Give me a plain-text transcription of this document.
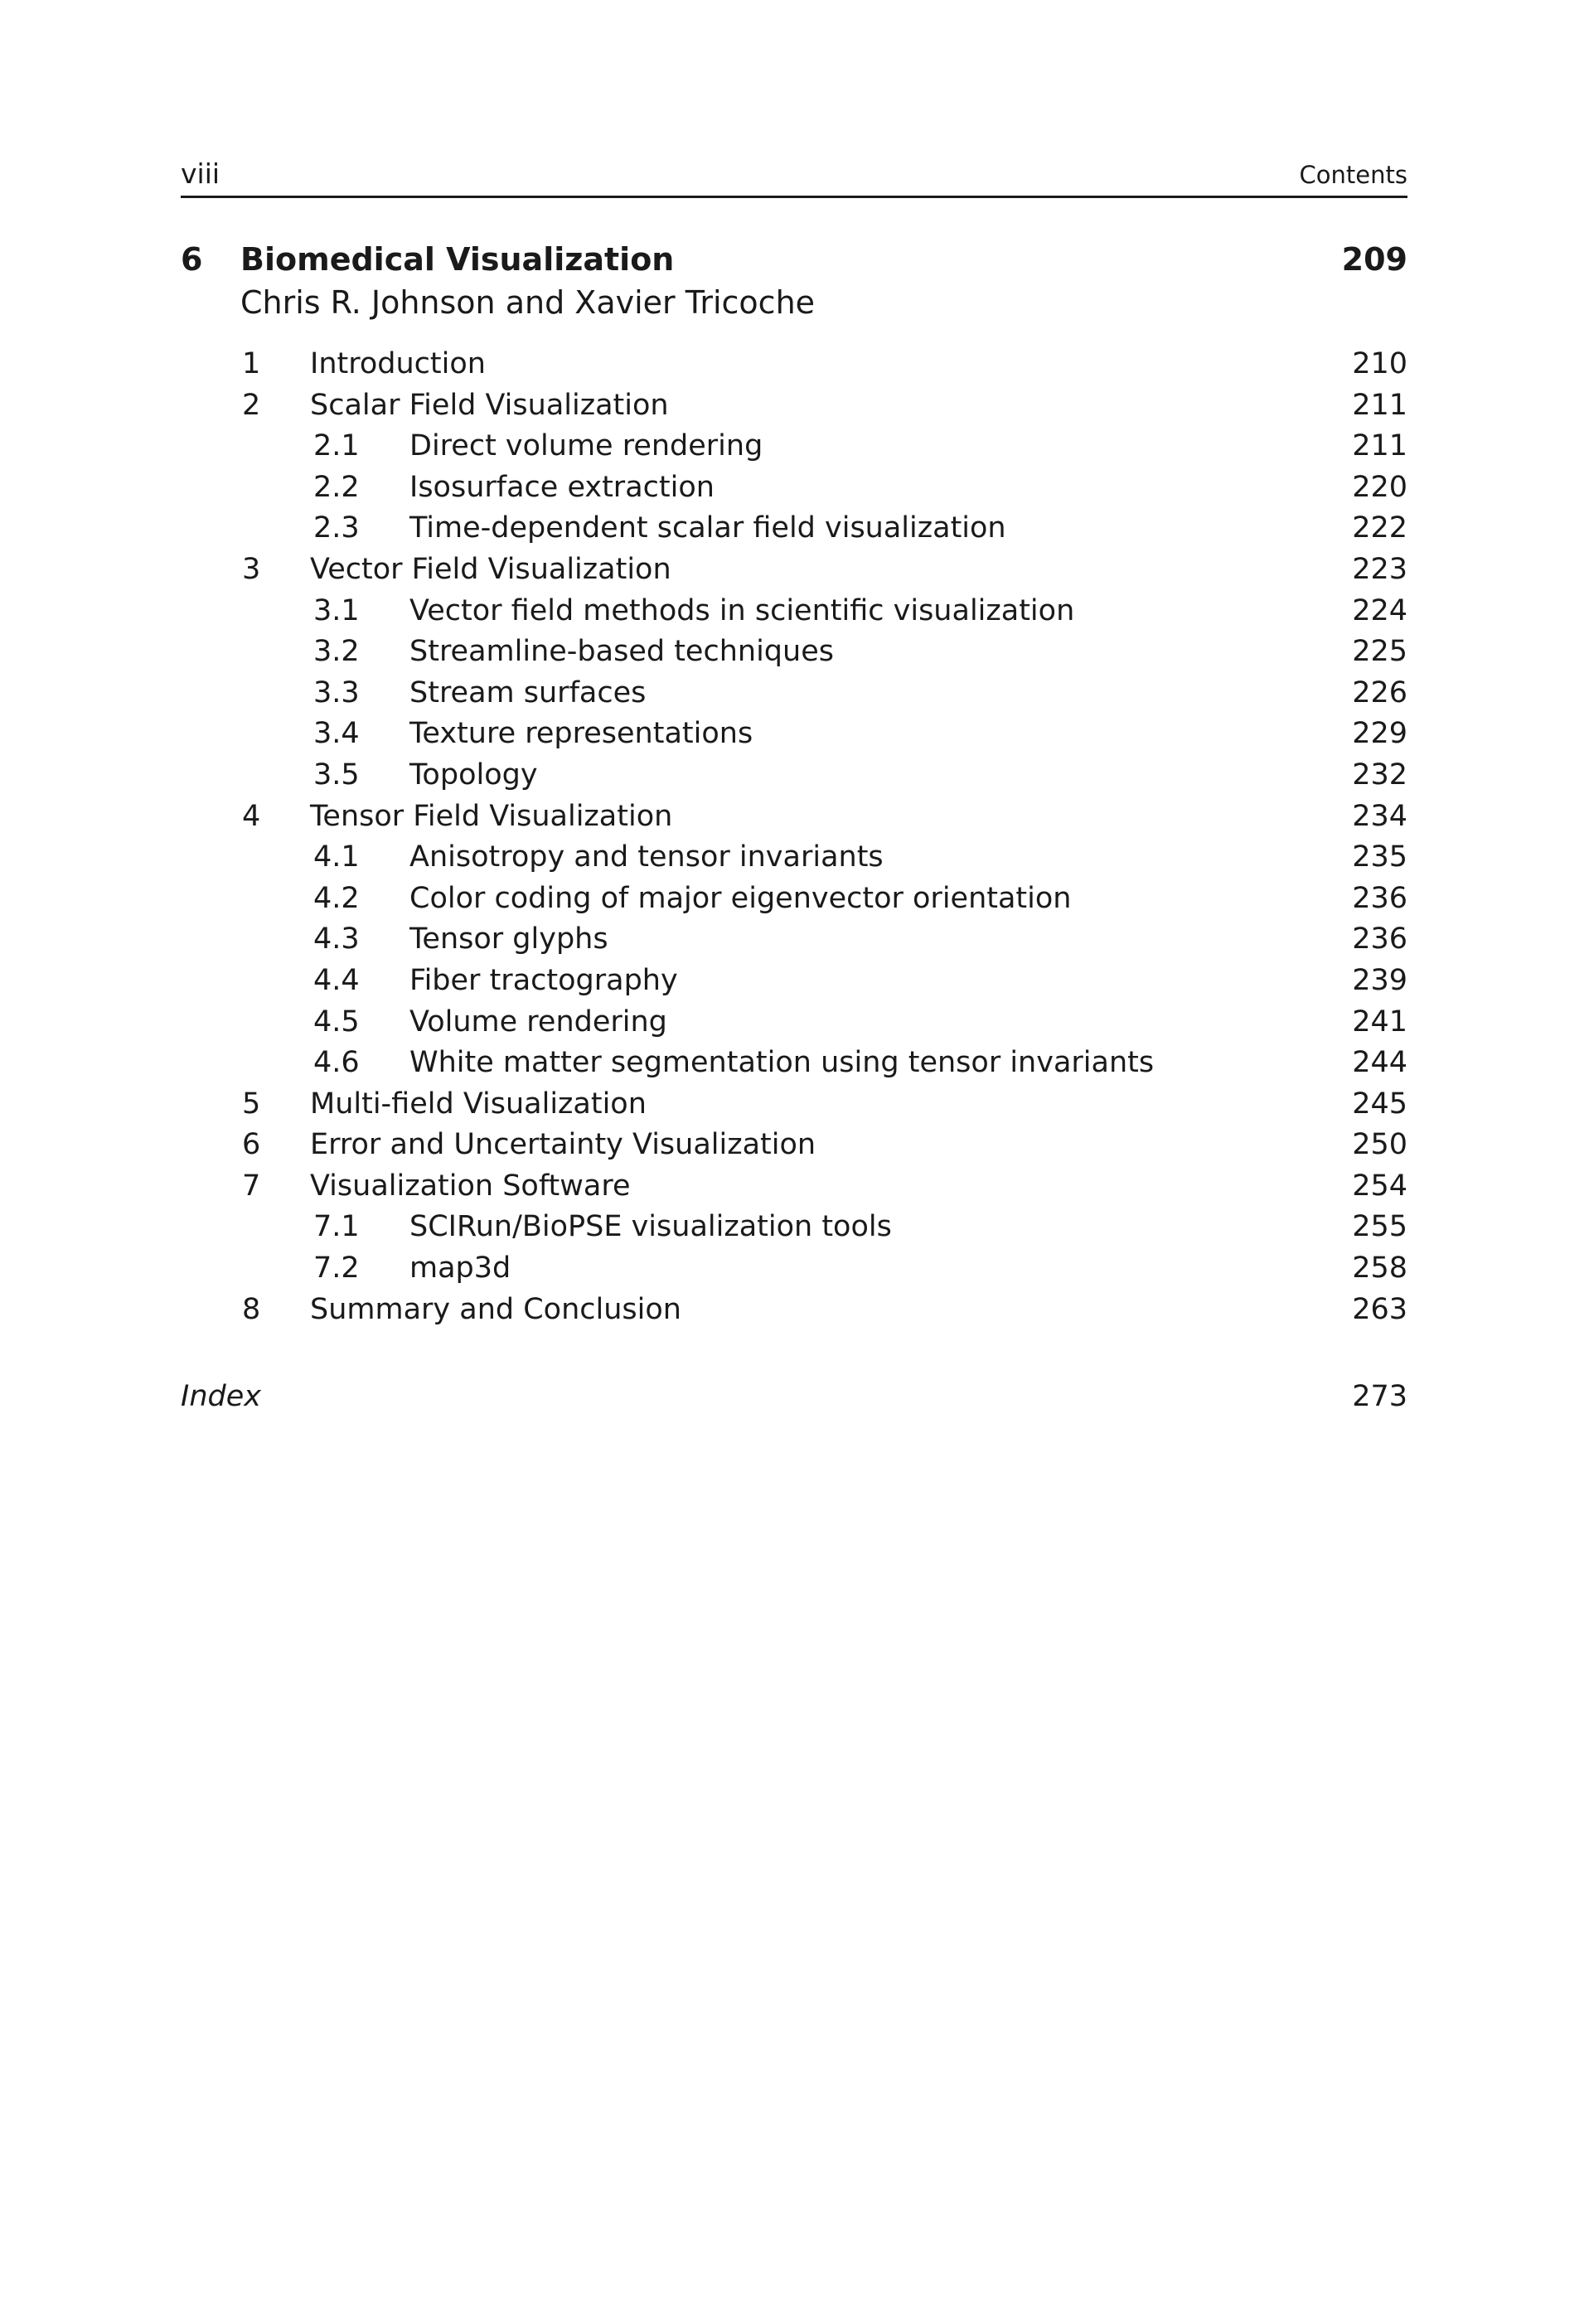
viii	Contents
6 Biomedical Visualization	209
Chris R. Johnson and Xavier Tricoche
1 Introduction	210
2 Scalar Field Visualization	211
2.1 Direct volume rendering	211
2.2 Isosurface extraction	220
2.3 Time-dependent scalar field visualization	222
3 Vector Field Visualization	223
3.1 Vector field methods in scientific visualization	224
3.2 Streamline-based techniques	225
3.3 Stream surfaces	226
3.4 Texture representations	229
3.5 Topology	232
4 Tensor Field Visualization	234
4.1 Anisotropy and tensor invariants	235
4.2 Color coding of major eigenvector orientation	236
4.3 Tensor glyphs	236
4.4 Fiber tractography	239
4.5 Volume rendering	241
4.6 White matter segmentation using tensor invariants	244
5 Multi-field Visualization	245
6 Error and Uncertainty Visualization	250
7 Visualization Software	254
7.1 SCIRun/BioPSE visualization tools	255
7.2 map3d	258
8 Summary and Conclusion	263
Index	273
